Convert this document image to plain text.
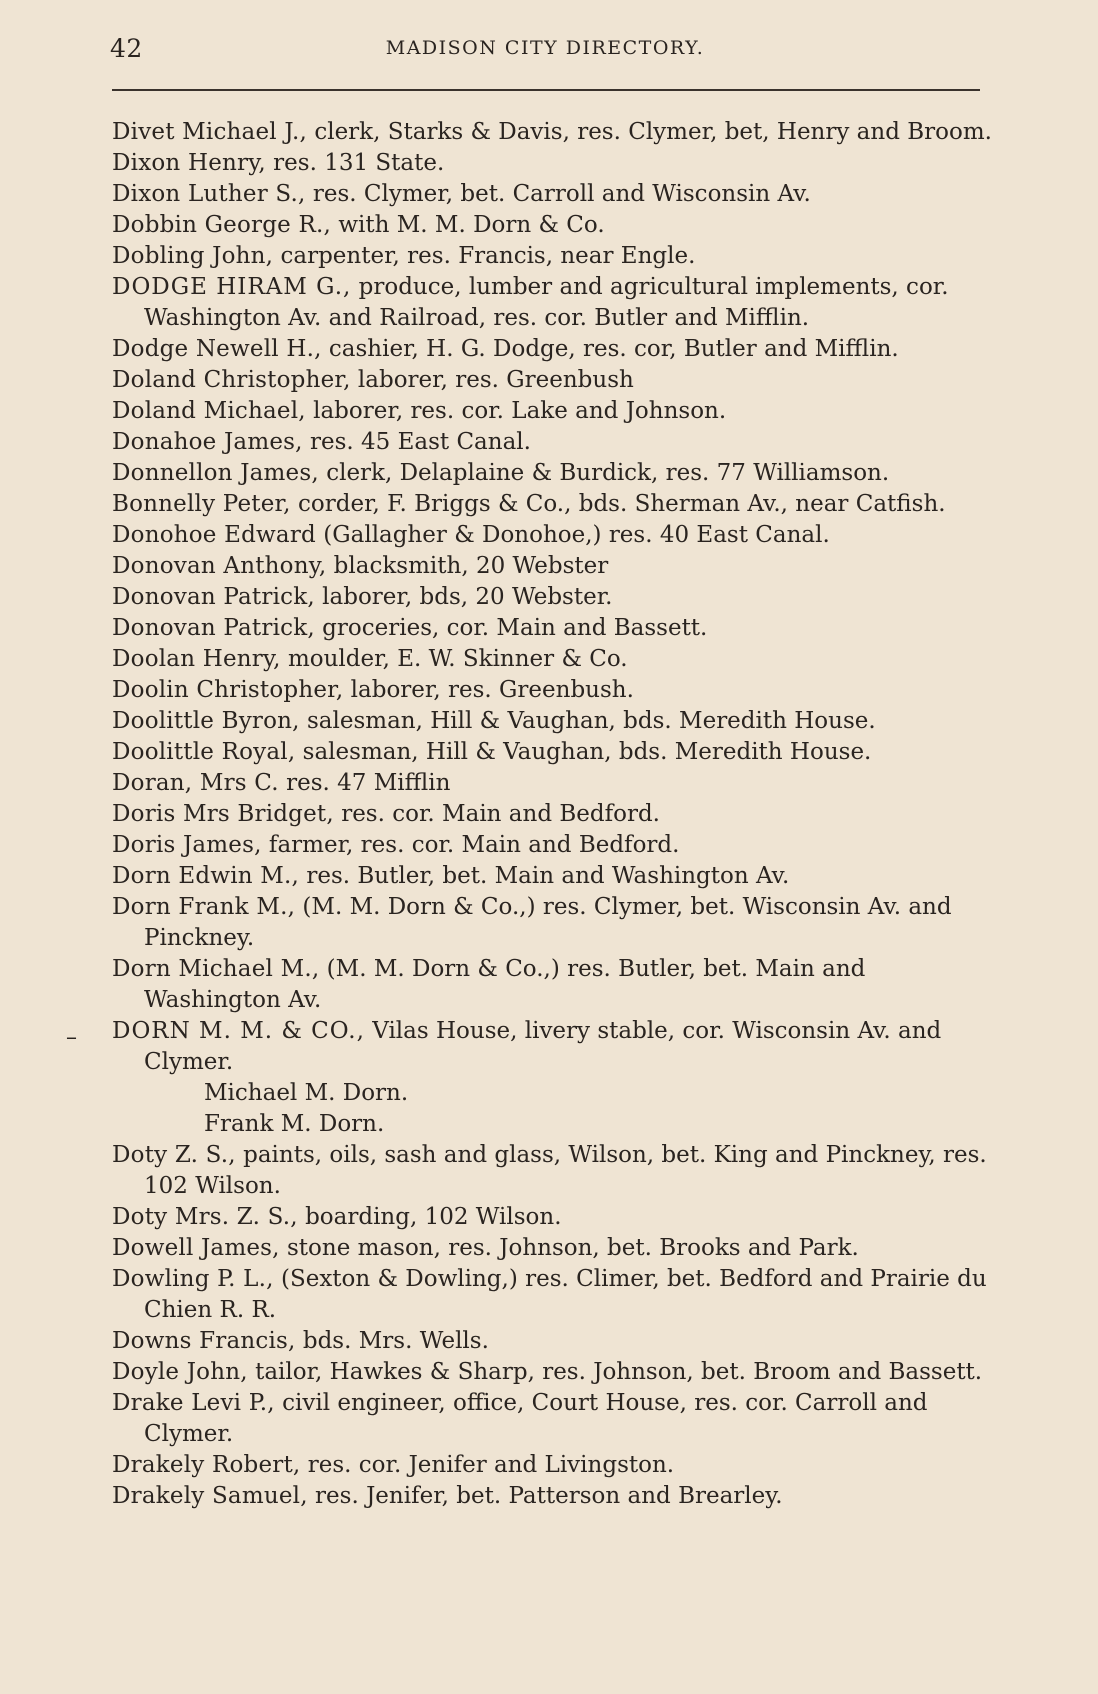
42	MADISON CITY DIRECTORY.
–

Divet Michael J., clerk, Starks & Davis, res. Clymer, bet, Henry and Broom.

Dixon Henry, res. 131 State.

Dixon Luther S., res. Clymer, bet. Carroll and Wisconsin Av.

Dobbin George R., with M. M. Dorn & Co.

Dobling John, carpenter, res. Francis, near Engle.

DODGE HIRAM G., produce, lumber and agricultural implements, cor. Washington Av. and Railroad, res. cor. Butler and Mifflin.

Dodge Newell H., cashier, H. G. Dodge, res. cor, Butler and Mifflin.

Doland Christopher, laborer, res. Greenbush

Doland Michael, laborer, res. cor. Lake and Johnson.

Donahoe James, res. 45 East Canal.

Donnellon James, clerk, Delaplaine & Burdick, res. 77 Williamson.

Bonnelly Peter, corder, F. Briggs & Co., bds. Sherman Av., near Catfish.

Donohoe Edward (Gallagher & Donohoe,) res. 40 East Canal.

Donovan Anthony, blacksmith, 20 Webster

Donovan Patrick, laborer, bds, 20 Webster.

Donovan Patrick, groceries, cor. Main and Bassett.

Doolan Henry, moulder, E. W. Skinner & Co.

Doolin Christopher, laborer, res. Greenbush.

Doolittle Byron, salesman, Hill & Vaughan, bds. Meredith House.

Doolittle Royal, salesman, Hill & Vaughan, bds. Meredith House.

Doran, Mrs C. res. 47 Mifflin

Doris Mrs Bridget, res. cor. Main and Bedford.

Doris James, farmer, res. cor. Main and Bedford.

Dorn Edwin M., res. Butler, bet. Main and Washington Av.

Dorn Frank M., (M. M. Dorn & Co.,) res. Clymer, bet. Wisconsin Av. and Pinckney.

Dorn Michael M., (M. M. Dorn & Co.,) res. Butler, bet. Main and Washington Av.

DORN M. M. & CO., Vilas House, livery stable, cor. Wisconsin Av. and Clymer.

Michael M. Dorn.

Frank M. Dorn.

Doty Z. S., paints, oils, sash and glass, Wilson, bet. King and Pinckney, res. 102 Wilson.

Doty Mrs. Z. S., boarding, 102 Wilson.

Dowell James, stone mason, res. Johnson, bet. Brooks and Park.

Dowling P. L., (Sexton & Dowling,) res. Climer, bet. Bedford and Prairie du Chien R. R.

Downs Francis, bds. Mrs. Wells.

Doyle John, tailor, Hawkes & Sharp, res. Johnson, bet. Broom and Bassett.

Drake Levi P., civil engineer, office, Court House, res. cor. Carroll and Clymer.

Drakely Robert, res. cor. Jenifer and Livingston.

Drakely Samuel, res. Jenifer, bet. Patterson and Brearley.
